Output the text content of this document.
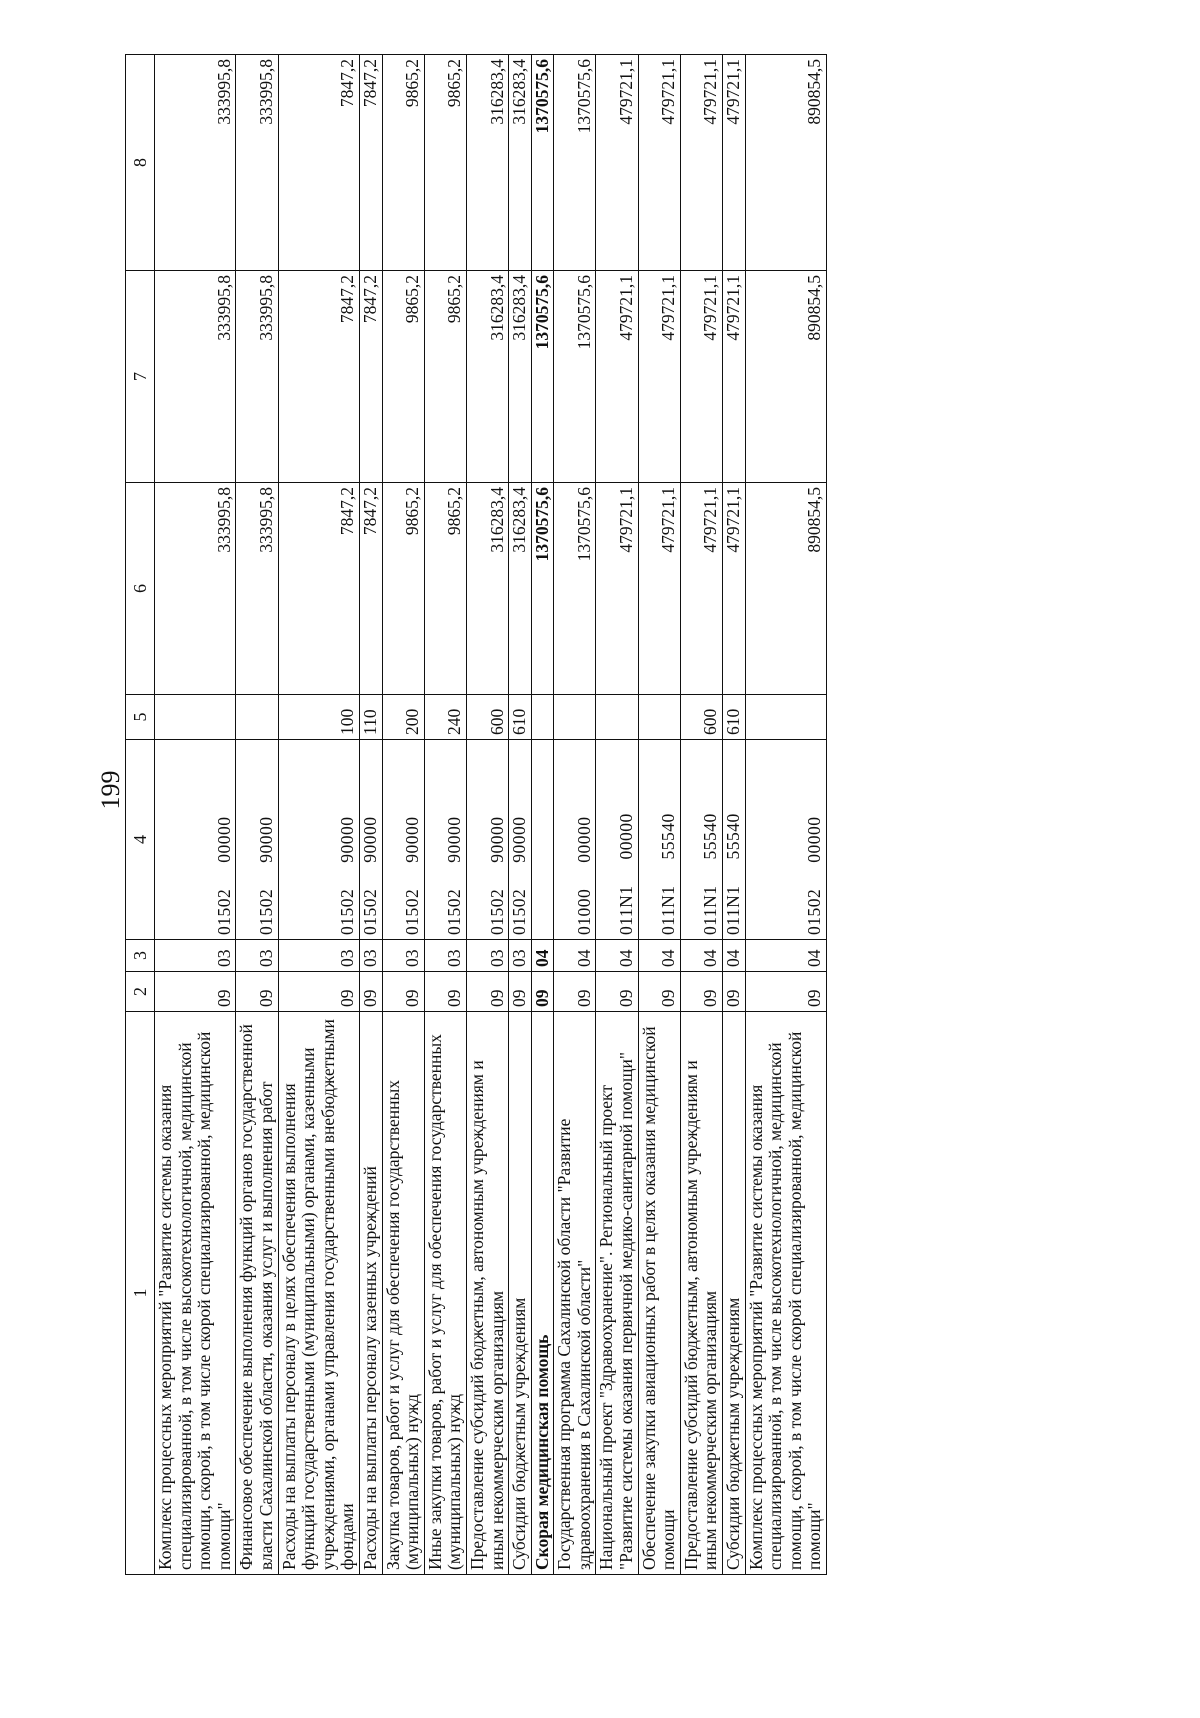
199
1	2	3	4	5	6	7	8
Комплекс процессных мероприятий "Развитие системы оказания специализированной, в том числе высокотехнологичной, медицинской помощи, скорой, в том числе скорой специализированной, медицинской помощи"	09	03	0150200000		333995,8	333995,8	333995,8
Финансовое обеспечение выполнения функций органов государственной власти Сахалинской области, оказания услуг и выполнения работ	09	03	0150290000		333995,8	333995,8	333995,8
Расходы на выплаты персоналу в целях обеспечения выполнения функций государственными (муниципальными) органами, казенными учреждениями, органами управления государственными внебюджетными фондами	09	03	0150290000	100	7847,2	7847,2	7847,2
Расходы на выплаты персоналу казенных учреждений	09	03	0150290000	110	7847,2	7847,2	7847,2
Закупка товаров, работ и услуг для обеспечения государственных (муниципальных) нужд	09	03	0150290000	200	9865,2	9865,2	9865,2
Иные закупки товаров, работ и услуг для обеспечения государственных (муниципальных) нужд	09	03	0150290000	240	9865,2	9865,2	9865,2
Предоставление субсидий бюджетным, автономным учреждениям и иным некоммерческим организациям	09	03	0150290000	600	316283,4	316283,4	316283,4
Субсидии бюджетным учреждениям	09	03	0150290000	610	316283,4	316283,4	316283,4
Скорая медицинская помощь	09	04			1370575,6	1370575,6	1370575,6
Государственная программа Сахалинской области "Развитие здравоохранения в Сахалинской области"	09	04	0100000000		1370575,6	1370575,6	1370575,6
Национальный проект "Здравоохранение". Региональный проект "Развитие системы оказания первичной медико-санитарной помощи"	09	04	011N100000		479721,1	479721,1	479721,1
Обеспечение закупки авиационных работ в целях оказания медицинской помощи	09	04	011N155540		479721,1	479721,1	479721,1
Предоставление субсидий бюджетным, автономным учреждениям и иным некоммерческим организациям	09	04	011N155540	600	479721,1	479721,1	479721,1
Субсидии бюджетным учреждениям	09	04	011N155540	610	479721,1	479721,1	479721,1
Комплекс процессных мероприятий "Развитие системы оказания специализированной, в том числе высокотехнологичной, медицинской помощи, скорой, в том числе скорой специализированной, медицинской помощи"	09	04	0150200000		890854,5	890854,5	890854,5
